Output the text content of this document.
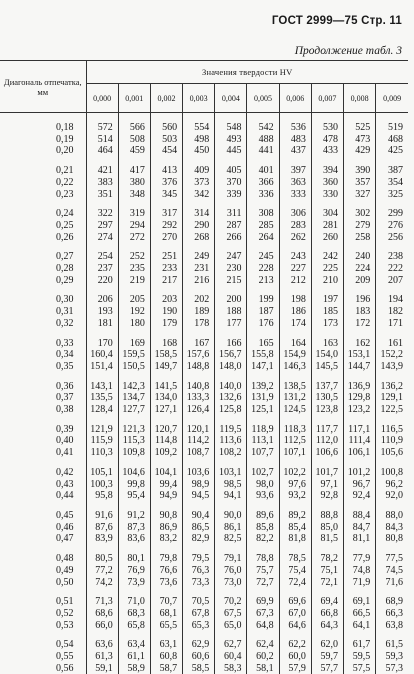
ГОСТ 2999—75 Стр. 11
Продолжение табл. 3
Диагональ отпечатка, мм	Значения твердости HV									
	0,000	0,001	0,002	0,003	0,004	0,005	0,006	0,007	0,008	0,009
0,18	572	566	560	554	548	542	536	530	525	519
0,19	514	508	503	498	493	488	483	478	473	468
0,20	464	459	454	450	445	441	437	433	429	425
0,21	421	417	413	409	405	401	397	394	390	387
0,22	383	380	376	373	370	366	363	360	357	354
0,23	351	348	345	342	339	336	333	330	327	325
0,24	322	319	317	314	311	308	306	304	302	299
0,25	297	294	292	290	287	285	283	281	279	276
0,26	274	272	270	268	266	264	262	260	258	256
0,27	254	252	251	249	247	245	243	242	240	238
0,28	237	235	233	231	230	228	227	225	224	222
0,29	220	219	217	216	215	213	212	210	209	207
0,30	206	205	203	202	200	199	198	197	196	194
0,31	193	192	190	189	188	187	186	185	183	182
0,32	181	180	179	178	177	176	174	173	172	171
0,33	170	169	168	167	166	165	164	163	162	161
0,34	160,4	159,5	158,5	157,6	156,7	155,8	154,9	154,0	153,1	152,2
0,35	151,4	150,5	149,7	148,8	148,0	147,1	146,3	145,5	144,7	143,9
0,36	143,1	142,3	141,5	140,8	140,0	139,2	138,5	137,7	136,9	136,2
0,37	135,5	134,7	134,0	133,3	132,6	131,9	131,2	130,5	129,8	129,1
0,38	128,4	127,7	127,1	126,4	125,8	125,1	124,5	123,8	123,2	122,5
0,39	121,9	121,3	120,7	120,1	119,5	118,9	118,3	117,7	117,1	116,5
0,40	115,9	115,3	114,8	114,2	113,6	113,1	112,5	112,0	111,4	110,9
0,41	110,3	109,8	109,2	108,7	108,2	107,7	107,1	106,6	106,1	105,6
0,42	105,1	104,6	104,1	103,6	103,1	102,7	102,2	101,7	101,2	100,8
0,43	100,3	99,8	99,4	98,9	98,5	98,0	97,6	97,1	96,7	96,2
0,44	95,8	95,4	94,9	94,5	94,1	93,6	93,2	92,8	92,4	92,0
0,45	91,6	91,2	90,8	90,4	90,0	89,6	89,2	88,8	88,4	88,0
0,46	87,6	87,3	86,9	86,5	86,1	85,8	85,4	85,0	84,7	84,3
0,47	83,9	83,6	83,2	82,9	82,5	82,2	81,8	81,5	81,1	80,8
0,48	80,5	80,1	79,8	79,5	79,1	78,8	78,5	78,2	77,9	77,5
0,49	77,2	76,9	76,6	76,3	76,0	75,7	75,4	75,1	74,8	74,5
0,50	74,2	73,9	73,6	73,3	73,0	72,7	72,4	72,1	71,9	71,6
0,51	71,3	71,0	70,7	70,5	70,2	69,9	69,6	69,4	69,1	68,9
0,52	68,6	68,3	68,1	67,8	67,5	67,3	67,0	66,8	66,5	66,3
0,53	66,0	65,8	65,5	65,3	65,0	64,8	64,6	64,3	64,1	63,8
0,54	63,6	63,4	63,1	62,9	62,7	62,4	62,2	62,0	61,7	61,5
0,55	61,3	61,1	60,8	60,6	60,4	60,2	60,0	59,7	59,5	59,3
0,56	59,1	58,9	58,7	58,5	58,3	58,1	57,9	57,7	57,5	57,3
